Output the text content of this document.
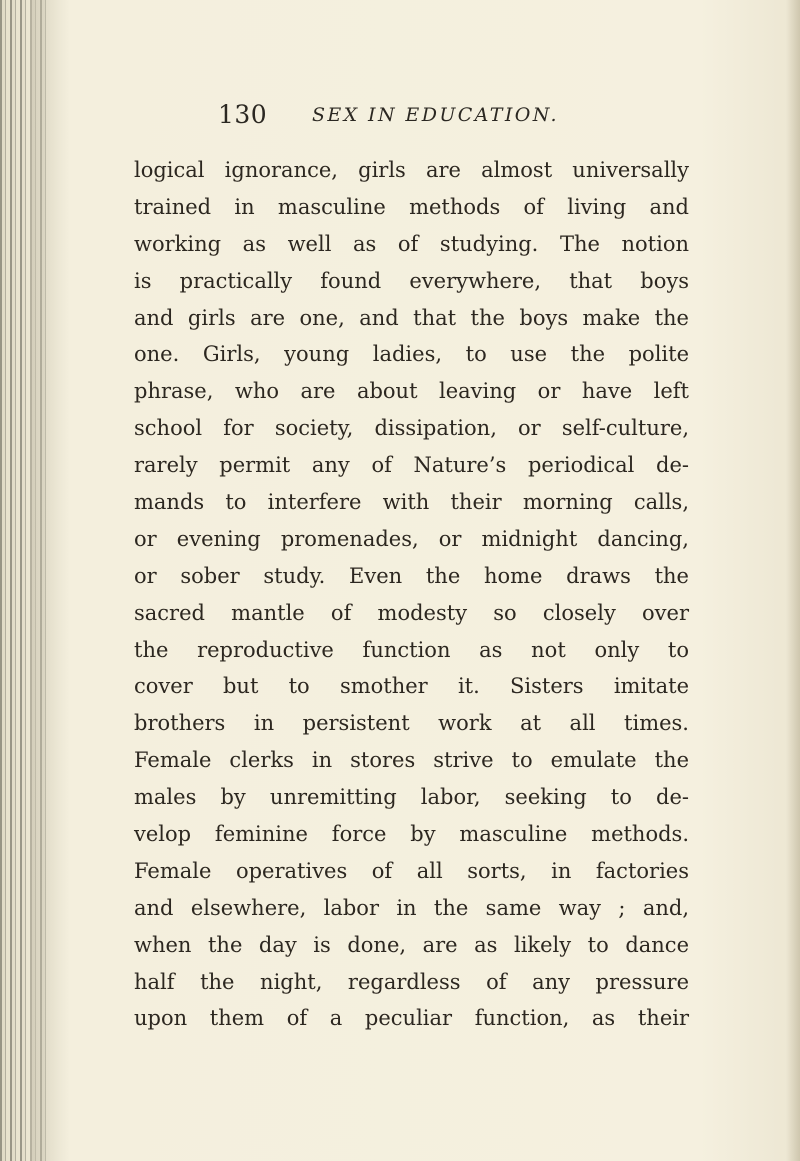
130 SEX IN EDUCATION.
logical ignorance, girls are almost universally
trained in masculine methods of living and
working as well as of studying. The notion
is practically found everywhere, that boys
and girls are one, and that the boys make the
one. Girls, young ladies, to use the polite
phrase, who are about leaving or have left
school for society, dissipation, or self-culture,
rarely permit any of Nature’s periodical de-
mands to interfere with their morning calls,
or evening promenades, or midnight dancing,
or sober study. Even the home draws the
sacred mantle of modesty so closely over
the reproductive function as not only to
cover but to smother it. Sisters imitate
brothers in persistent work at all times.
Female clerks in stores strive to emulate the
males by unremitting labor, seeking to de-
velop feminine force by masculine methods.
Female operatives of all sorts, in factories
and elsewhere, labor in the same way ; and,
when the day is done, are as likely to dance
half the night, regardless of any pressure
upon them of a peculiar function, as their
